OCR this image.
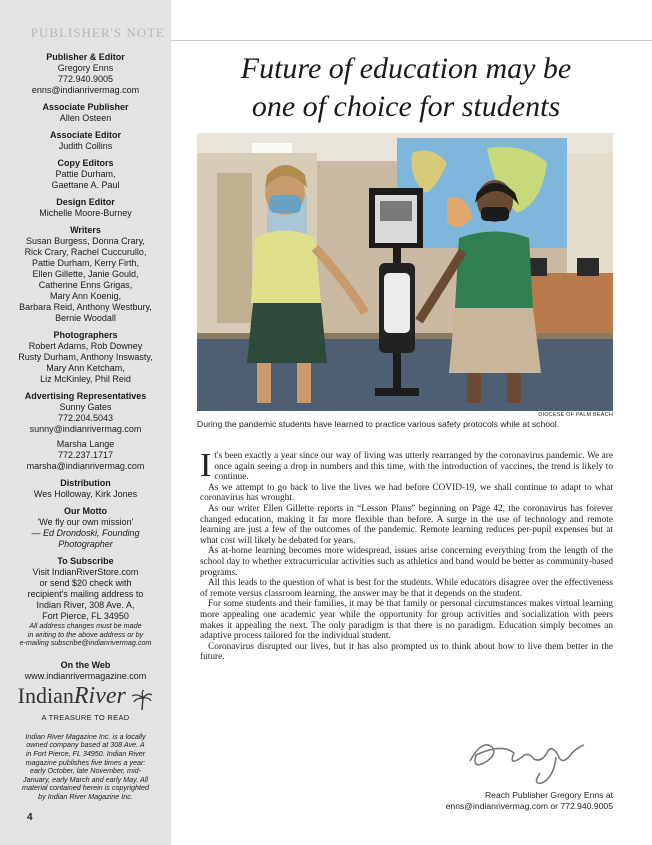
PUBLISHER'S NOTE
Publisher & Editor
Gregory Enns
772.940.9005
enns@indianrivermag.com
Associate Publisher
Allen Osteen
Associate Editor
Judith Collins
Copy Editors
Pattie Durham,
Gaettane A. Paul
Design Editor
Michelle Moore-Burney
Writers
Susan Burgess, Donna Crary,
Rick Crary, Rachel Cuccurullo,
Pattie Durham, Kerry Firth,
Ellen Gillette, Janie Gould,
Catherine Enns Grigas,
Mary Ann Koenig,
Barbara Reid, Anthony Westbury,
Bernie Woodall
Photographers
Robert Adams, Rob Downey
Rusty Durham, Anthony Inswasty,
Mary Ann Ketcham,
Liz McKinley, Phil Reid
Advertising Representatives
Sunny Gates
772.204.5043
sunny@indianrivermag.com

Marsha Lange
772.237.1717
marsha@indianrivermag.com
Distribution
Wes Holloway, Kirk Jones
Our Motto
'We fly our own mission'
— Ed Drondoski, Founding
Photographer
To Subscribe
Visit IndianRiverStore.com
or send $20 check with
recipient's mailing address to
Indian River, 308 Ave. A,
Fort Pierce, FL 34950
All address changes must be made
in writing to the above address or by
e-mailing subscribe@indianrivermag.com
On the Web
www.indianrivermagazine.com
IndianRiver
A TREASURE TO READ
Indian River Magazine Inc. is a locally
owned company based at 308 Ave. A
in Fort Pierce, FL 34950. Indian River
magazine publishes five times a year:
early October, late November, mid-
January, early March and early May. All
material contained herein is copyrighted
by Indian River Magazine Inc.
4
Future of education may be
one of choice for students
DIOCESE OF PALM BEACH
During the pandemic students have learned to practice various safety protocols while at school.

It's been exactly a year since our way of living was utterly rearranged by the coronavirus pandemic. We are once again seeing a drop in numbers and this time, with the introduction of vaccines, the trend is likely to continue.

As we attempt to go back to live the lives we had before COVID-19, we shall continue to adapt to what coronavirus has wrought.

As our writer Ellen Gillette reports in “Lesson Plans” beginning on Page 42, the coronavirus has forever changed education, making it far more flexible than before. A surge in the use of technology and remote learning are just a few of the outcomes of the pandemic. Remote learning reduces per-pupil expenses but at what cost will likely be debated for years.

As at-home learning becomes more widespread, issues arise concerning everything from the length of the school day to whether extracurricular activities such as athletics and band would be better as community-based programs.

All this leads to the question of what is best for the students. While educators disagree over the effectiveness of remote versus classroom learning, the answer may be that it depends on the student.

For some students and their families, it may be that family or personal circumstances makes virtual learning more appealing one academic year while the opportunity for group activities and socialization with peers makes it appealing the next. The only paradigm is that there is no paradigm. Education simply becomes an adaptive process tailored for the individual student.

Coronavirus disrupted our lives, but it has also prompted us to think about how to live them better in the future.

Reach Publisher Gregory Enns at
enns@indianrivermag.com or 772.940.9005
